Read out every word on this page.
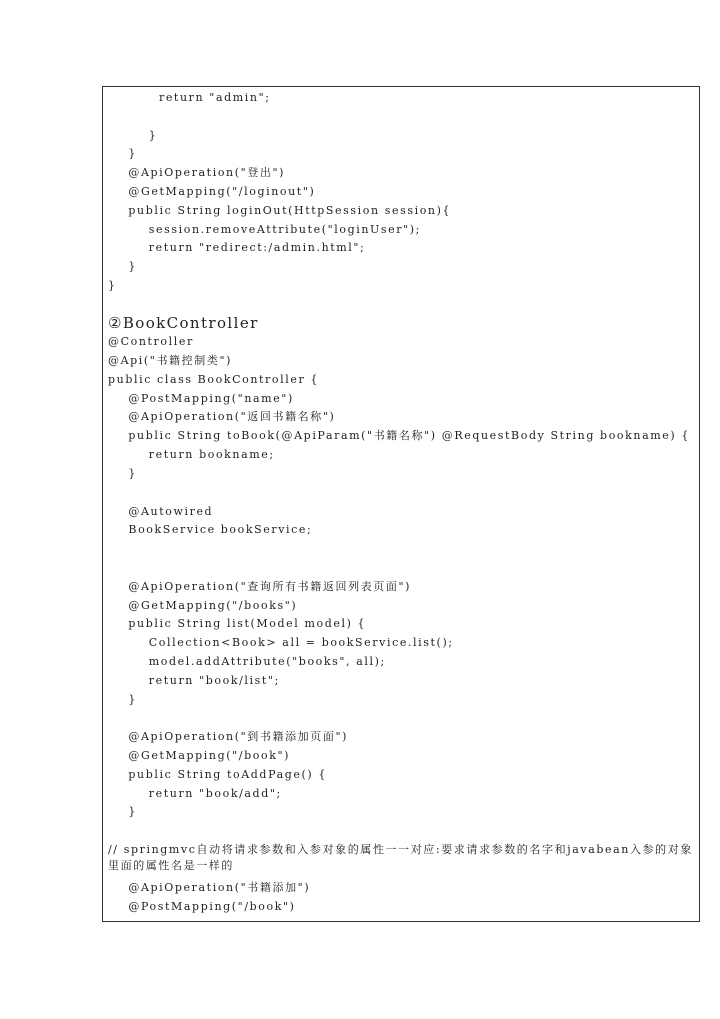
return "admin";

}

}

@ApiOperation("登出")

@GetMapping("/loginout")

public String loginOut(HttpSession session){

session.removeAttribute("loginUser");

return "redirect:/admin.html";

}

}

②BookController

@Controller

@Api("书籍控制类")

public class BookController {

@PostMapping("name")

@ApiOperation("返回书籍名称")

public String toBook(@ApiParam("书籍名称") @RequestBody String bookname) {

return bookname;

}

@Autowired

BookService bookService;

@ApiOperation("查询所有书籍返回列表页面")

@GetMapping("/books")

public String list(Model model) {

Collection<Book> all = bookService.list();

model.addAttribute("books", all);

return "book/list";

}

@ApiOperation("到书籍添加页面")

@GetMapping("/book")

public String toAddPage() {

return "book/add";

}

// springmvc自动将请求参数和入参对象的属性一一对应:要求请求参数的名字和javabean入参的对象里面的属性名是一样的

@ApiOperation("书籍添加")

@PostMapping("/book")
